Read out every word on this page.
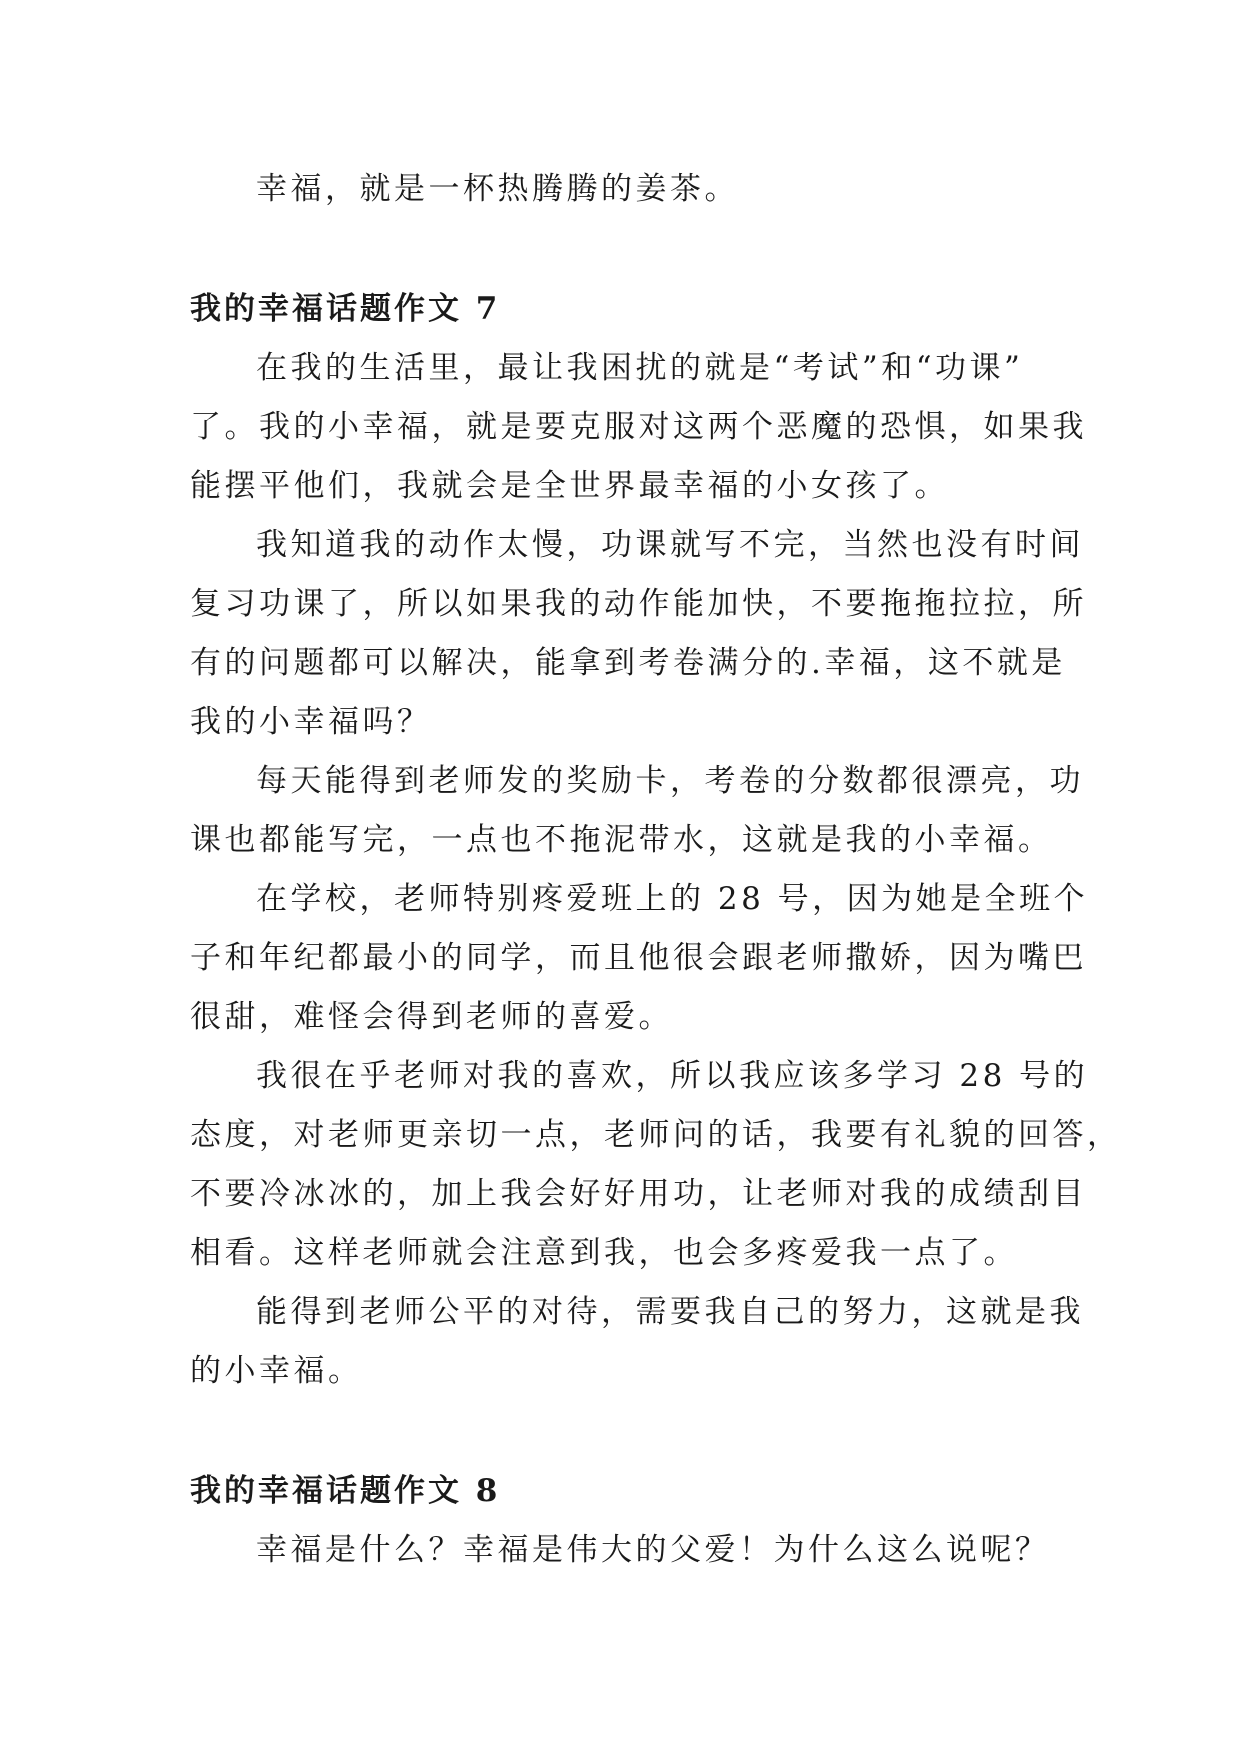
幸福，就是一杯热腾腾的姜茶。

我的幸福话题作文 7

在我的生活里，最让我困扰的就是“考试”和“功课”

了。我的小幸福，就是要克服对这两个恶魔的恐惧，如果我

能摆平他们，我就会是全世界最幸福的小女孩了。

我知道我的动作太慢，功课就写不完，当然也没有时间

复习功课了，所以如果我的动作能加快，不要拖拖拉拉，所

有的问题都可以解决，能拿到考卷满分的.幸福，这不就是

我的小幸福吗？

每天能得到老师发的奖励卡，考卷的分数都很漂亮，功

课也都能写完，一点也不拖泥带水，这就是我的小幸福。

在学校，老师特别疼爱班上的 28 号，因为她是全班个

子和年纪都最小的同学，而且他很会跟老师撒娇，因为嘴巴

很甜，难怪会得到老师的喜爱。

我很在乎老师对我的喜欢，所以我应该多学习 28 号的

态度，对老师更亲切一点，老师问的话，我要有礼貌的回答，

不要冷冰冰的，加上我会好好用功，让老师对我的成绩刮目

相看。这样老师就会注意到我，也会多疼爱我一点了。

能得到老师公平的对待，需要我自己的努力，这就是我

的小幸福。

我的幸福话题作文 8

幸福是什么？幸福是伟大的父爱！为什么这么说呢？
